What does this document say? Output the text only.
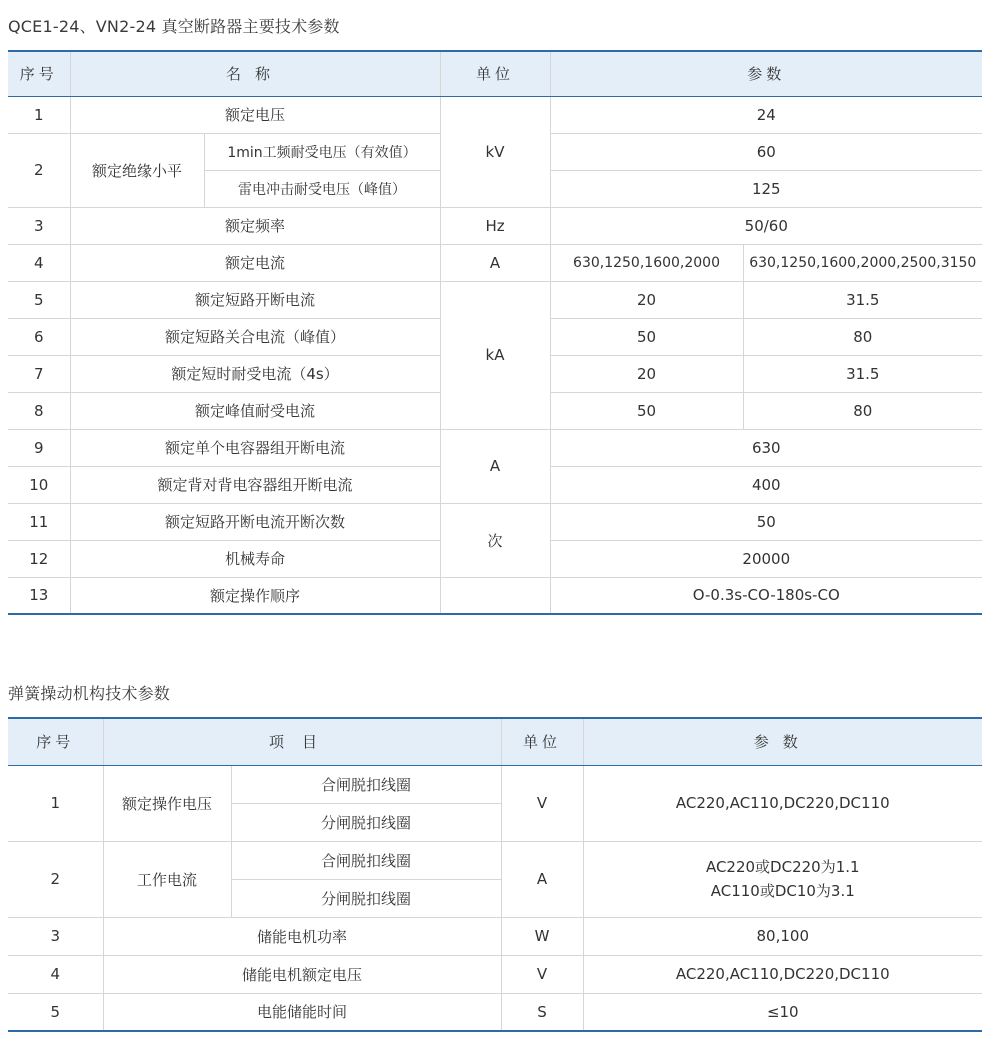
QCE1-24、VN2-24 真空断路器主要技术参数
序号	名称		单位	参数	
1	额定电压		kV	24	
2	额定绝缘小平	1min工频耐受电压（有效值）		60	
		雷电冲击耐受电压（峰值）		125	
3	额定频率		Hz	50/60	
4	额定电流		A	630,1250,1600,2000	630,1250,1600,2000,2500,3150
5	额定短路开断电流		kA	20	31.5
6	额定短路关合电流（峰值）			50	80
7	额定短时耐受电流（4s）			20	31.5
8	额定峰值耐受电流			50	80
9	额定单个电容器组开断电流		A	630	
10	额定背对背电容器组开断电流			400	
11	额定短路开断电流开断次数		次	50	
12	机械寿命			20000	
13	额定操作顺序			O-0.3s-CO-180s-CO	
弹簧操动机构技术参数
序号	项目		单位	参数
1	额定操作电压	合闸脱扣线圈	V	AC220,AC110,DC220,DC110
		分闸脱扣线圈		
2	工作电流	合闸脱扣线圈	A	AC220或DC220为1.1
AC110或DC10为3.1

		分闸脱扣线圈		
3	储能电机功率		W	80,100
4	储能电机额定电压		V	AC220,AC110,DC220,DC110
5	电能储能时间		S	≤10
